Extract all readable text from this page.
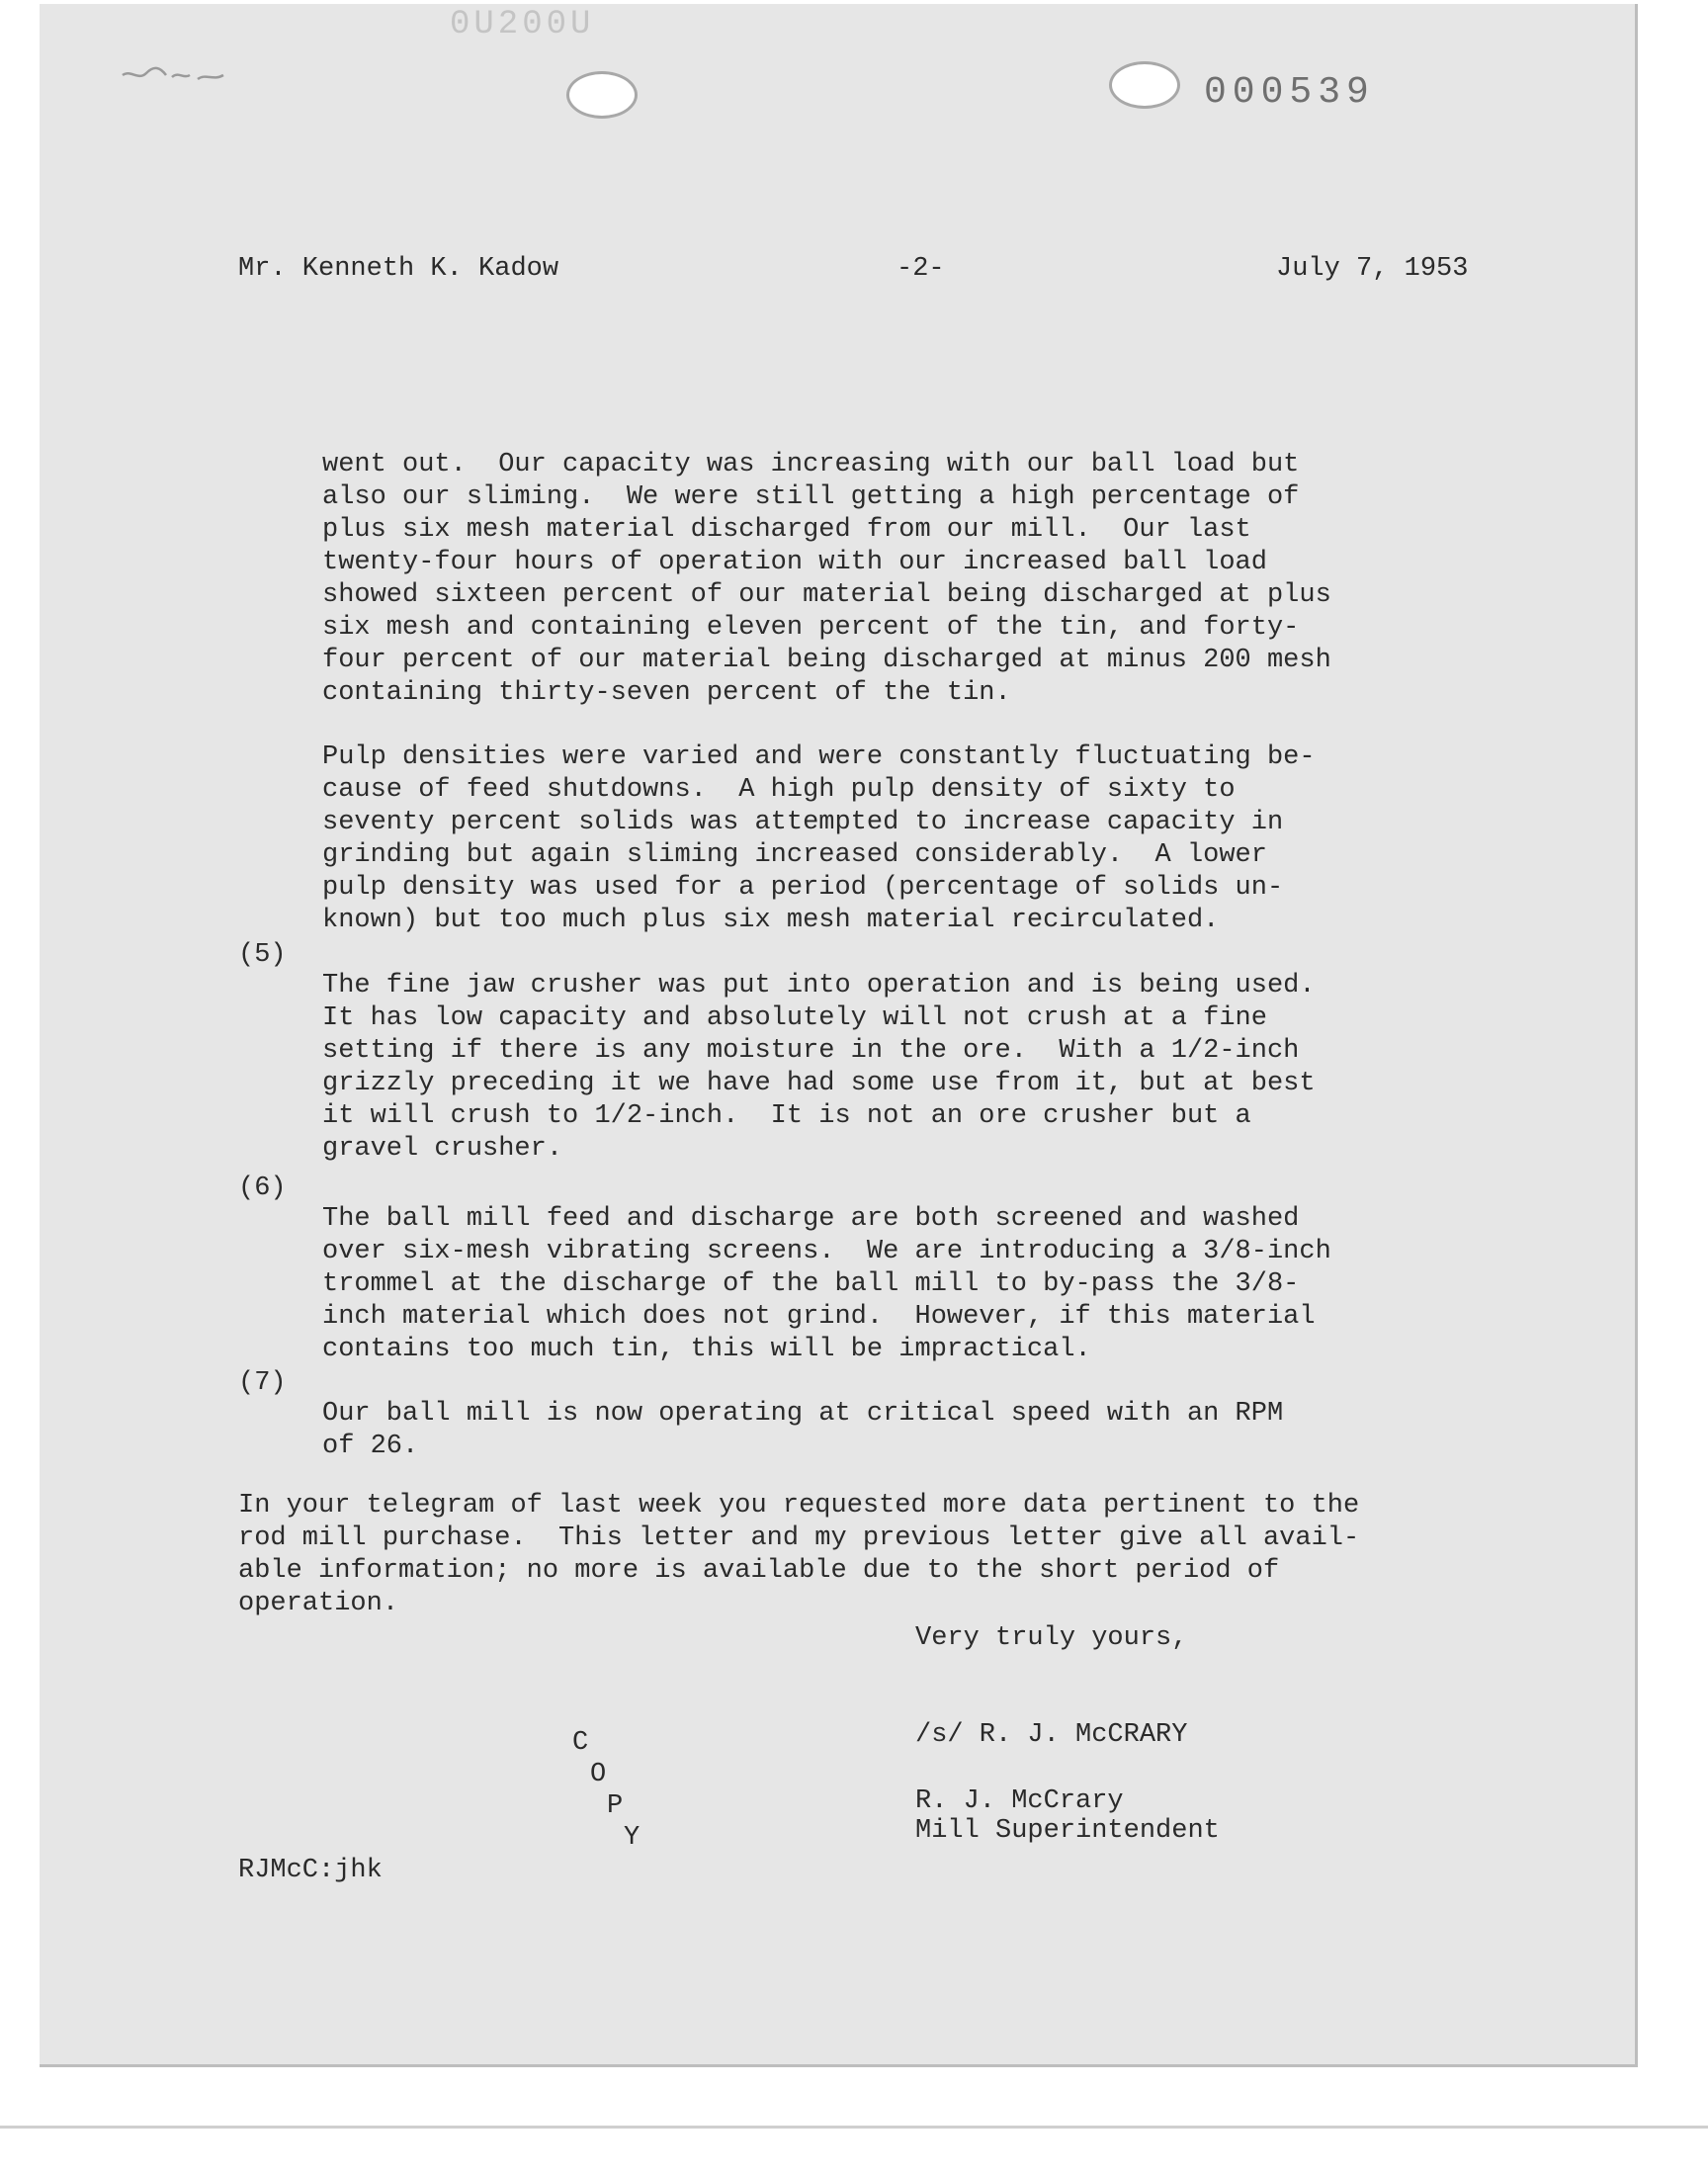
0U200U
000539
Mr. Kenneth K. Kadow	-2-	July 7, 1953

went out.  Our capacity was increasing with our ball load but
also our sliming.  We were still getting a high percentage of
plus six mesh material discharged from our mill.  Our last
twenty-four hours of operation with our increased ball load
showed sixteen percent of our material being discharged at plus
six mesh and containing eleven percent of the tin, and forty-
four percent of our material being discharged at minus 200 mesh
containing thirty-seven percent of the tin.

Pulp densities were varied and were constantly fluctuating be-
cause of feed shutdowns.  A high pulp density of sixty to
seventy percent solids was attempted to increase capacity in
grinding but again sliming increased considerably.  A lower
pulp density was used for a period (percentage of solids un-
known) but too much plus six mesh material recirculated.

(5)

The fine jaw crusher was put into operation and is being used.
It has low capacity and absolutely will not crush at a fine
setting if there is any moisture in the ore.  With a 1/2-inch
grizzly preceding it we have had some use from it, but at best
it will crush to 1/2-inch.  It is not an ore crusher but a
gravel crusher.

(6)

The ball mill feed and discharge are both screened and washed
over six-mesh vibrating screens.  We are introducing a 3/8-inch
trommel at the discharge of the ball mill to by-pass the 3/8-
inch material which does not grind.  However, if this material
contains too much tin, this will be impractical.

(7)

Our ball mill is now operating at critical speed with an RPM
of 26.

In your telegram of last week you requested more data pertinent to the
rod mill purchase.  This letter and my previous letter give all avail-
able information; no more is available due to the short period of
operation.

Very truly yours,
/s/ R. J. McCRARY
R. J. McCrary
Mill Superintendent
C
O
P
Y
RJMcC:jhk
